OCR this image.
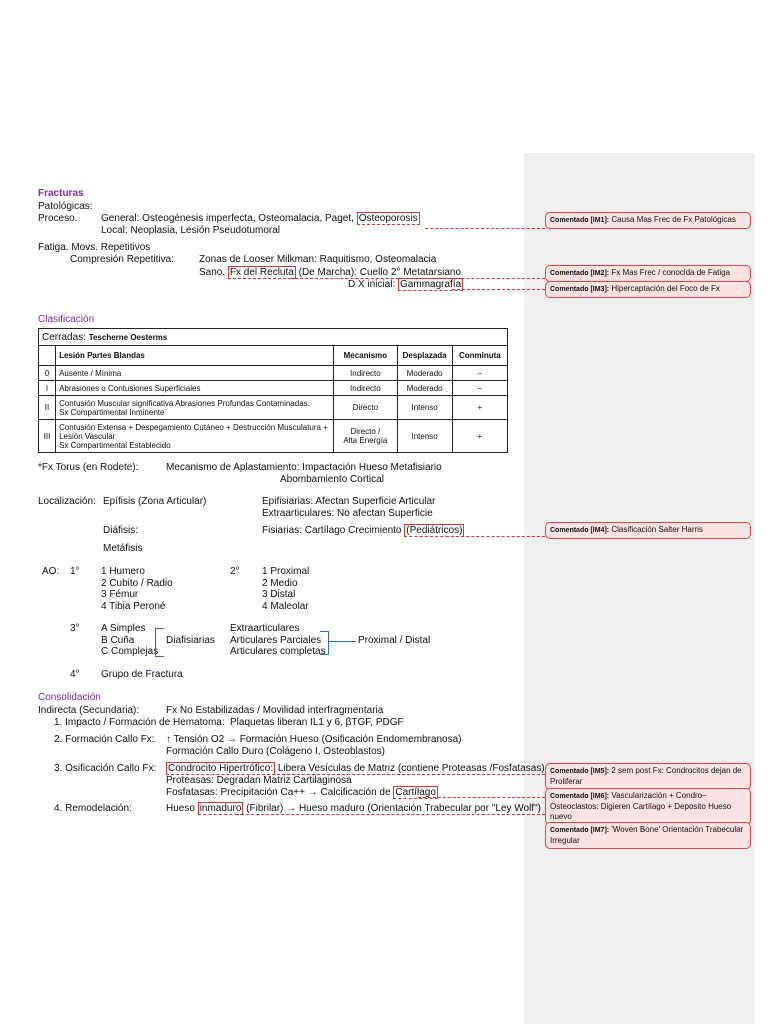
Fracturas
Patológicas:
Proceso. General: Osteogénesis imperfecta, Osteomalacia, Paget, Osteoporosis
Local: Neoplasia, Lesión Pseudotumoral
Fatiga. Movs. Repetitivos
Compresión Repetitiva:	Zonas de Looser Milkman: Raquitismo, Osteomalacia
Sano. Fx del Recluta (De Marcha): Cuello 2° Metatarsiano
D X inicial: Gammagrafía
Clasificación
Cerradas: Tescherne Oesterms				
	Lesión Partes Blandas	Mecanismo	Desplazada	Conminuta
0	Ausente / Mínima	Indirecto	Moderado	–
I	Abrasiones o Contusiones Superficiales	Indirecto	Moderado	–
II	Contusión Muscular significativa Abrasiones Profundas Contaminadas.
Sx Compartimental Inminente	Directo	Intenso	+
III	Contusión Extensa + Despegamiento Cutáneo + Destrucción Musculatura + Lesión Vascular
Sx Compartimental Establecido	Directo /
Alta Energía	Intenso	+
*Fx Torus (en Rodete):	Mecanismo de Aplastamiento: Impactación Hueso Metafisiario
Abombamiento Cortical
Localización: Epífisis (Zona Articular)	Epifisiarias: Afectan Superficie Articular
Extraarticulares: No afectan Superficie
Diáfisis:	Fisiarias: Cartílago Crecimiento (Pediátricos)
Metáfisis
AO: 1° 1 Humero
2 Cubito / Radio
3 Fémur
4 Tibia Peroné
2° 1 Proximal
2 Medio
3 Distal
4 Maleolar
3° A Simples
B Cuña
C Complejas
Diafisiarias
Extraarticulares
Articulares Parciales
Articulares completas
Proximal / Distal
4° Grupo de Fractura
Consolidación
Indirecta (Secundaria):	Fx No Estabilizadas / Movilidad interfragmentaria
1. Impacto / Formación de Hematoma: Plaquetas liberan IL1 y 6, βTGF, PDGF
2. Formación Callo Fx: ↑ Tensión O2 → Formación Hueso (Osificación Endomembranosa)
Formación Callo Duro (Colágeno I, Osteoblastos)
3. Osificación Callo Fx: Condrocito Hipertrófico: Libera Vesículas de Matriz (contiene Proteasas /Fosfatasas)
Proteasas: Degradan Matriz Cartilaginosa
Fosfatasas: Precipitación Ca++ → Calcificación de Cartílago
4. Remodelación:	Hueso inmaduro (Fibrilar) → Hueso maduro (Orientación Trabecular por "Ley Wolf")
Comentado [IM1]: Causa Mas Frec de Fx Patológicas
Comentado [IM2]: Fx Mas Frec / conocida de Fatiga
Comentado [IM3]: Hipercaptación del Foco de Fx
Comentado [IM4]: Clasificación Salter Harris
Comentado [IM5]: 2 sem post Fx: Condrocitos dejan de Proliferar
Comentado [IM6]: Vascularización + Condro–Osteoclastos: Digieren Cartílago + Deposito Hueso nuevo
Comentado [IM7]: 'Woven Bone' Orientación Trabecular Irregular
